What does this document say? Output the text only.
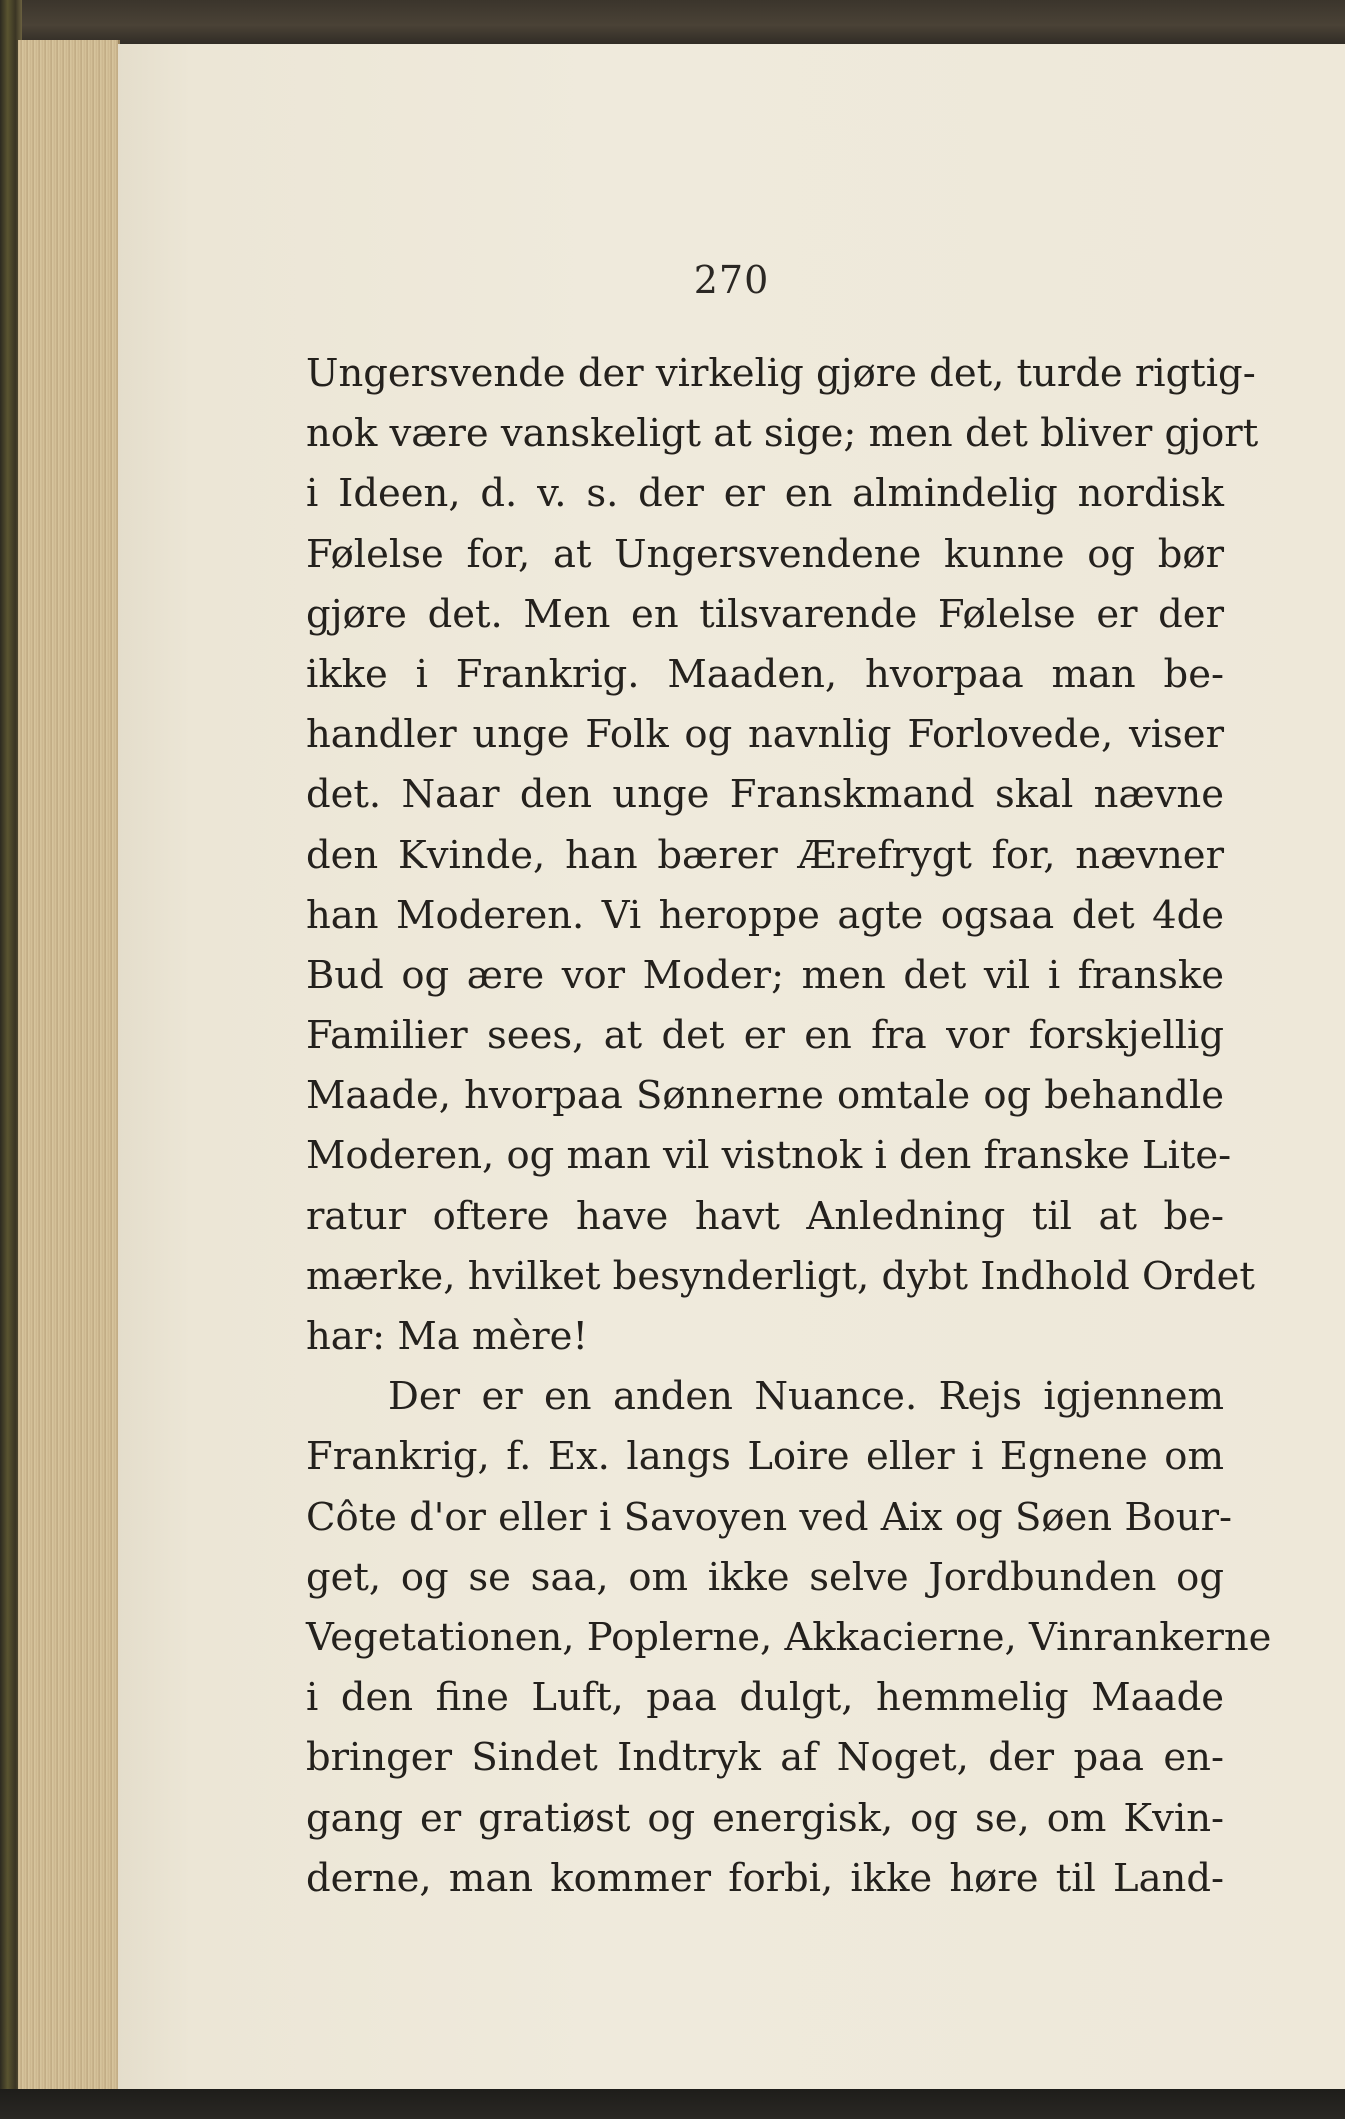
270
Ungersvende der virkelig gjøre det, turde rigtig-
nok være vanskeligt at sige; men det bliver gjort
i Ideen, d. v. s. der er en almindelig nordisk
Følelse for, at Ungersvendene kunne og bør
gjøre det. Men en tilsvarende Følelse er der
ikke i Frankrig. Maaden, hvorpaa man be-
handler unge Folk og navnlig Forlovede, viser
det. Naar den unge Franskmand skal nævne
den Kvinde, han bærer Ærefrygt for, nævner
han Moderen. Vi heroppe agte ogsaa det 4de
Bud og ære vor Moder; men det vil i franske
Familier sees, at det er en fra vor forskjellig
Maade, hvorpaa Sønnerne omtale og behandle
Moderen, og man vil vistnok i den franske Lite-
ratur oftere have havt Anledning til at be-
mærke, hvilket besynderligt, dybt Indhold Ordet
har: Ma mère!
Der er en anden Nuance. Rejs igjennem
Frankrig, f. Ex. langs Loire eller i Egnene om
Côte d'or eller i Savoyen ved Aix og Søen Bour-
get, og se saa, om ikke selve Jordbunden og
Vegetationen, Poplerne, Akkacierne, Vinrankerne
i den fine Luft, paa dulgt, hemmelig Maade
bringer Sindet Indtryk af Noget, der paa en-
gang er gratiøst og energisk, og se, om Kvin-
derne, man kommer forbi, ikke høre til Land-
